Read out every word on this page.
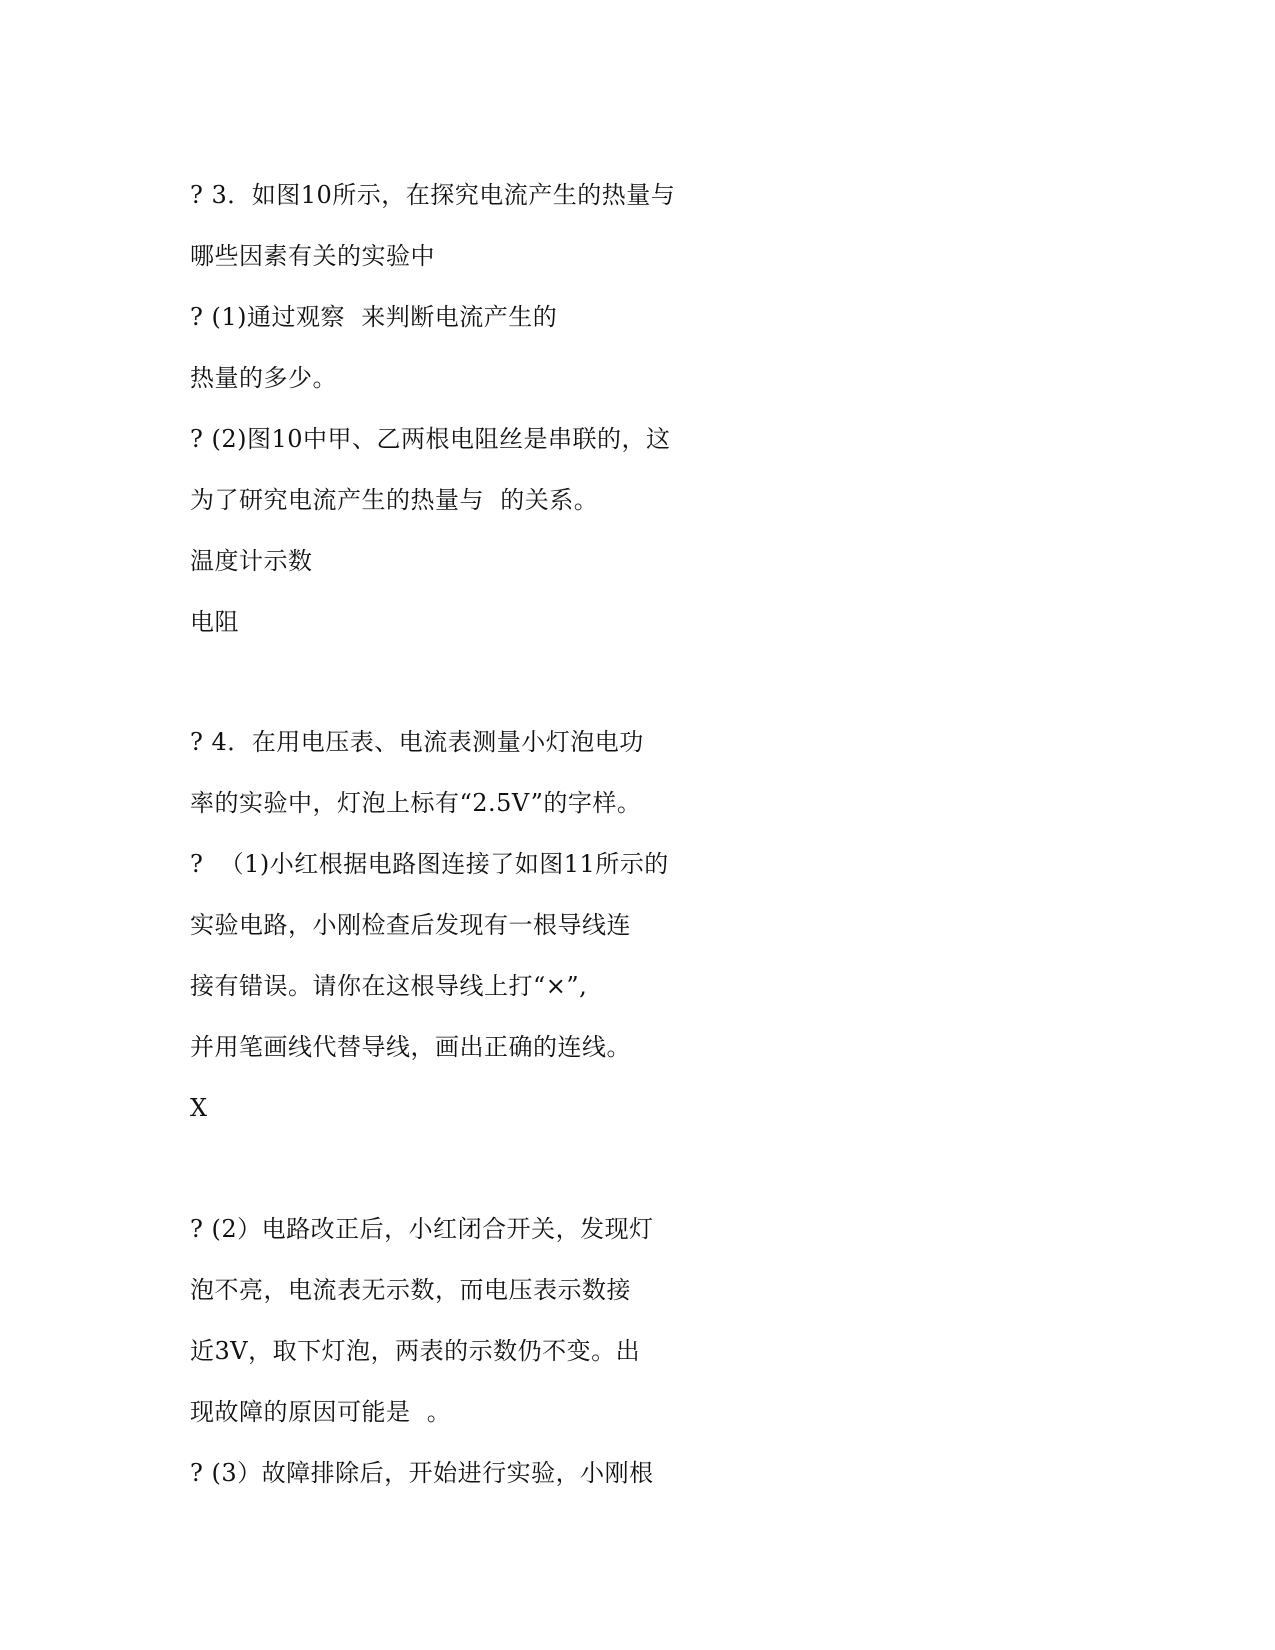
? 3．如图10所示，在探究电流产生的热量与
哪些因素有关的实验中
? (1)通过观察  来判断电流产生的
热量的多少。
? (2)图10中甲、乙两根电阻丝是串联的，这
为了研究电流产生的热量与  的关系。
温度计示数
电阻
? 4．在用电压表、电流表测量小灯泡电功
率的实验中，灯泡上标有“2.5V”的字样。
?  （1)小红根据电路图连接了如图11所示的
实验电路，小刚检查后发现有一根导线连
接有错误。请你在这根导线上打“×”,
并用笔画线代替导线，画出正确的连线。
X
? (2）电路改正后，小红闭合开关，发现灯
泡不亮，电流表无示数，而电压表示数接
近3V，取下灯泡，两表的示数仍不变。出
现故障的原因可能是  。
? (3）故障排除后，开始进行实验，小刚根
